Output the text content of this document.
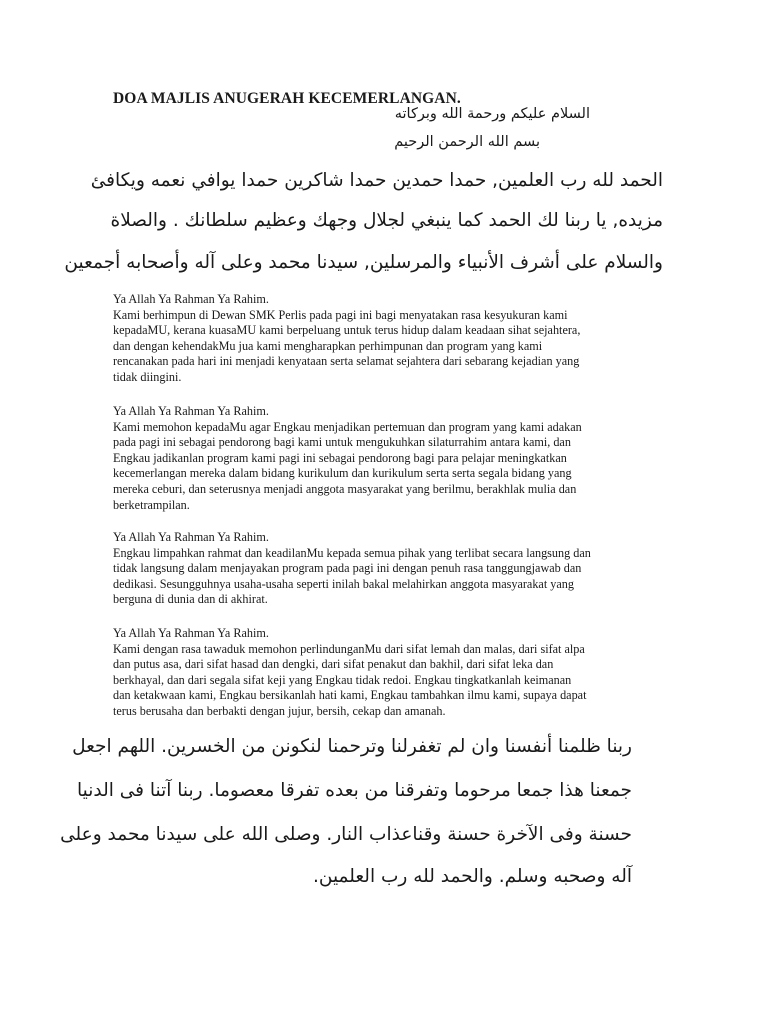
DOA MAJLIS ANUGERAH KECEMERLANGAN.

السلام عليكم ورحمة الله وبركاته

بسم الله الرحمن الرحيم

الحمد لله رب العلمين, حمدا حمدين حمدا شاكرين حمدا يوافي نعمه ويكافئ

مزيده, يا ربنا لك الحمد كما ينبغي لجلال وجهك وعظيم سلطانك . والصلاة

والسلام على أشرف الأنبياء والمرسلين, سيدنا محمد وعلى آله وأصحابه أجمعين

Ya Allah Ya Rahman Ya Rahim.
Kami berhimpun di Dewan SMK Perlis pada pagi ini bagi menyatakan rasa kesyukuran kami
kepadaMU, kerana kuasaMU kami berpeluang untuk terus hidup dalam keadaan sihat sejahtera,
dan dengan kehendakMu jua kami mengharapkan perhimpunan dan program yang kami
rencanakan pada hari ini menjadi kenyataan serta selamat sejahtera dari sebarang kejadian yang
tidak diingini.
Ya Allah Ya Rahman Ya Rahim.
Kami memohon kepadaMu agar Engkau menjadikan pertemuan dan program yang kami adakan
pada pagi ini sebagai pendorong bagi kami untuk mengukuhkan silaturrahim antara kami, dan
Engkau jadikanlan program kami pagi ini sebagai pendorong bagi para pelajar meningkatkan
kecemerlangan mereka dalam bidang kurikulum dan kurikulum serta serta segala bidang yang
mereka ceburi, dan seterusnya menjadi anggota masyarakat yang berilmu, berakhlak mulia dan
berketrampilan.
Ya Allah Ya Rahman Ya Rahim.
Engkau limpahkan rahmat dan keadilanMu kepada semua pihak yang terlibat secara langsung dan
tidak langsung dalam menjayakan program pada pagi ini dengan penuh rasa tanggungjawab dan
dedikasi. Sesungguhnya usaha-usaha seperti inilah bakal melahirkan anggota masyarakat yang
berguna di dunia dan di akhirat.
Ya Allah Ya Rahman Ya Rahim.
Kami dengan rasa tawaduk memohon perlindunganMu dari sifat lemah dan malas, dari sifat alpa
dan putus asa, dari sifat hasad dan dengki, dari sifat penakut dan bakhil, dari sifat leka dan
berkhayal, dan dari segala sifat keji yang Engkau tidak redoi. Engkau tingkatkanlah keimanan
dan ketakwaan kami, Engkau bersikanlah hati kami, Engkau tambahkan ilmu kami, supaya dapat
terus berusaha dan berbakti dengan jujur, bersih, cekap dan amanah.

ربنا ظلمنا أنفسنا وان لم تغفرلنا وترحمنا لنكونن من الخسرين. اللهم اجعل

جمعنا هذا جمعا مرحوما وتفرقنا من بعده تفرقا معصوما. ربنا آتنا فى الدنيا

حسنة وفى الآخرة حسنة وقناعذاب النار. وصلى الله على سيدنا محمد وعلى

آله وصحبه وسلم. والحمد لله رب العلمين.
